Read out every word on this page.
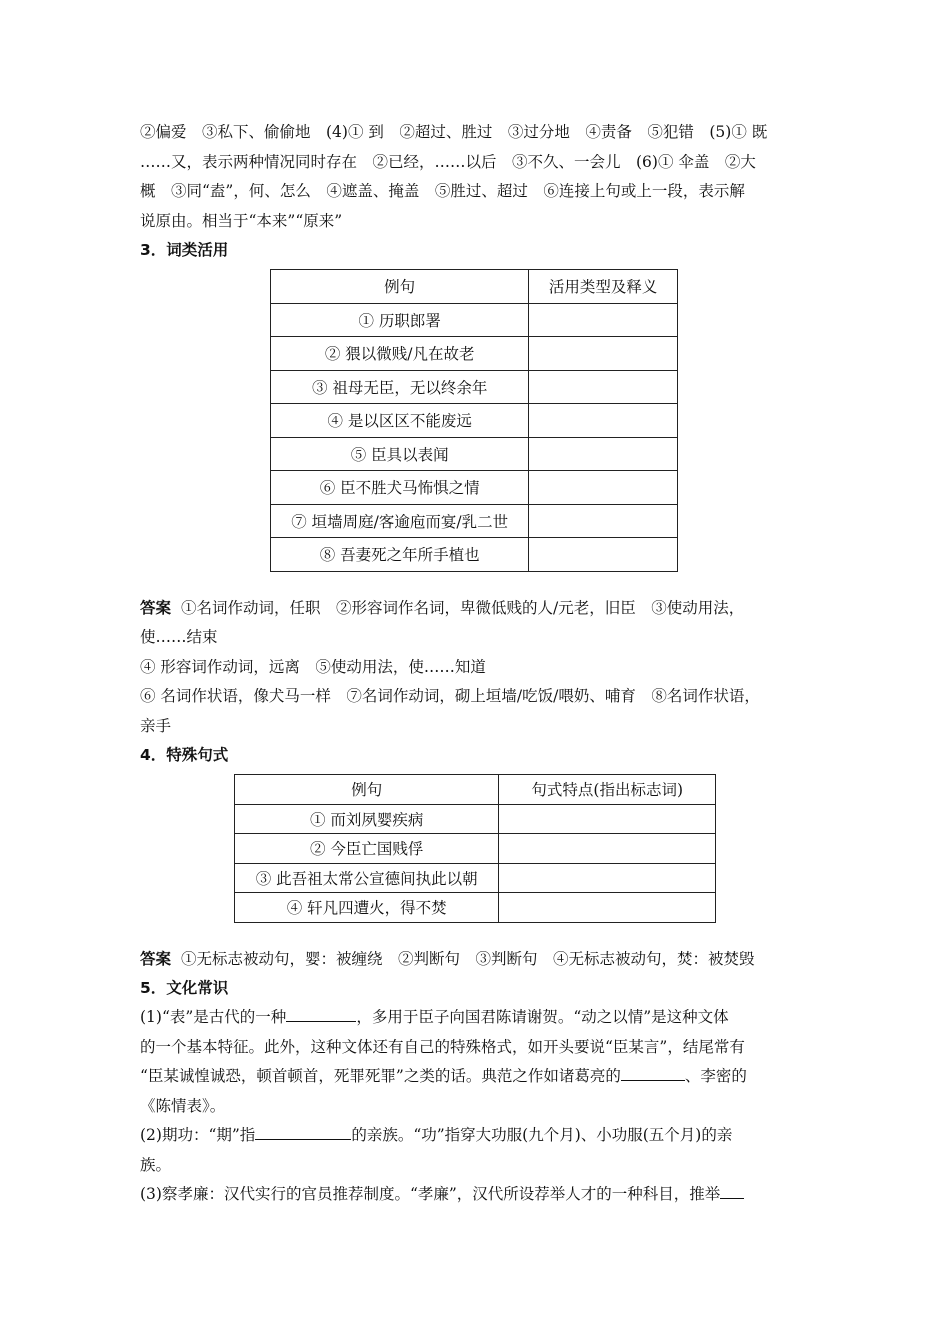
②偏爱　③私下、偷偷地　(4)① 到　②超过、胜过　③过分地　④责备　⑤犯错　(5)① 既

……又，表示两种情况同时存在　②已经，……以后　③不久、一会儿　(6)① 伞盖　②大

概　③同“盍”，何、怎么　④遮盖、掩盖　⑤胜过、超过　⑥连接上句或上一段，表示解

说原由。相当于“本来”“原来”

3．词类活用

例句	活用类型及释义
① 历职郎署	
② 猥以微贱/凡在故老	
③ 祖母无臣，无以终余年	
④ 是以区区不能废远	
⑤ 臣具以表闻	
⑥ 臣不胜犬马怖惧之情	
⑦ 垣墙周庭/客逾庖而宴/乳二世	
⑧ 吾妻死之年所手植也	

答案 ①名词作动词，任职　②形容词作名词，卑微低贱的人/元老，旧臣　③使动用法，

使……结束

④ 形容词作动词，远离　⑤使动用法，使……知道

⑥ 名词作状语，像犬马一样　⑦名词作动词，砌上垣墙/吃饭/喂奶、哺育　⑧名词作状语，

亲手

4．特殊句式

例句	句式特点(指出标志词)
① 而刘夙婴疾病	
② 今臣亡国贱俘	
③ 此吾祖太常公宣德间执此以朝	
④ 轩凡四遭火，得不焚	

答案 ①无标志被动句，婴：被缠绕　②判断句　③判断句　④无标志被动句，焚：被焚毁

5．文化常识

(1)“表”是古代的一种	，多用于臣子向国君陈请谢贺。“动之以情”是这种文体

的一个基本特征。此外，这种文体还有自己的特殊格式，如开头要说“臣某言”，结尾常有

“臣某诚惶诚恐，顿首顿首，死罪死罪”之类的话。典范之作如诸葛亮的	、李密的

《陈情表》。

(2)期功：“期”指	的亲族。“功”指穿大功服(九个月)、小功服(五个月)的亲

族。

(3)察孝廉：汉代实行的官员推荐制度。“孝廉”，汉代所设荐举人才的一种科目，推举
